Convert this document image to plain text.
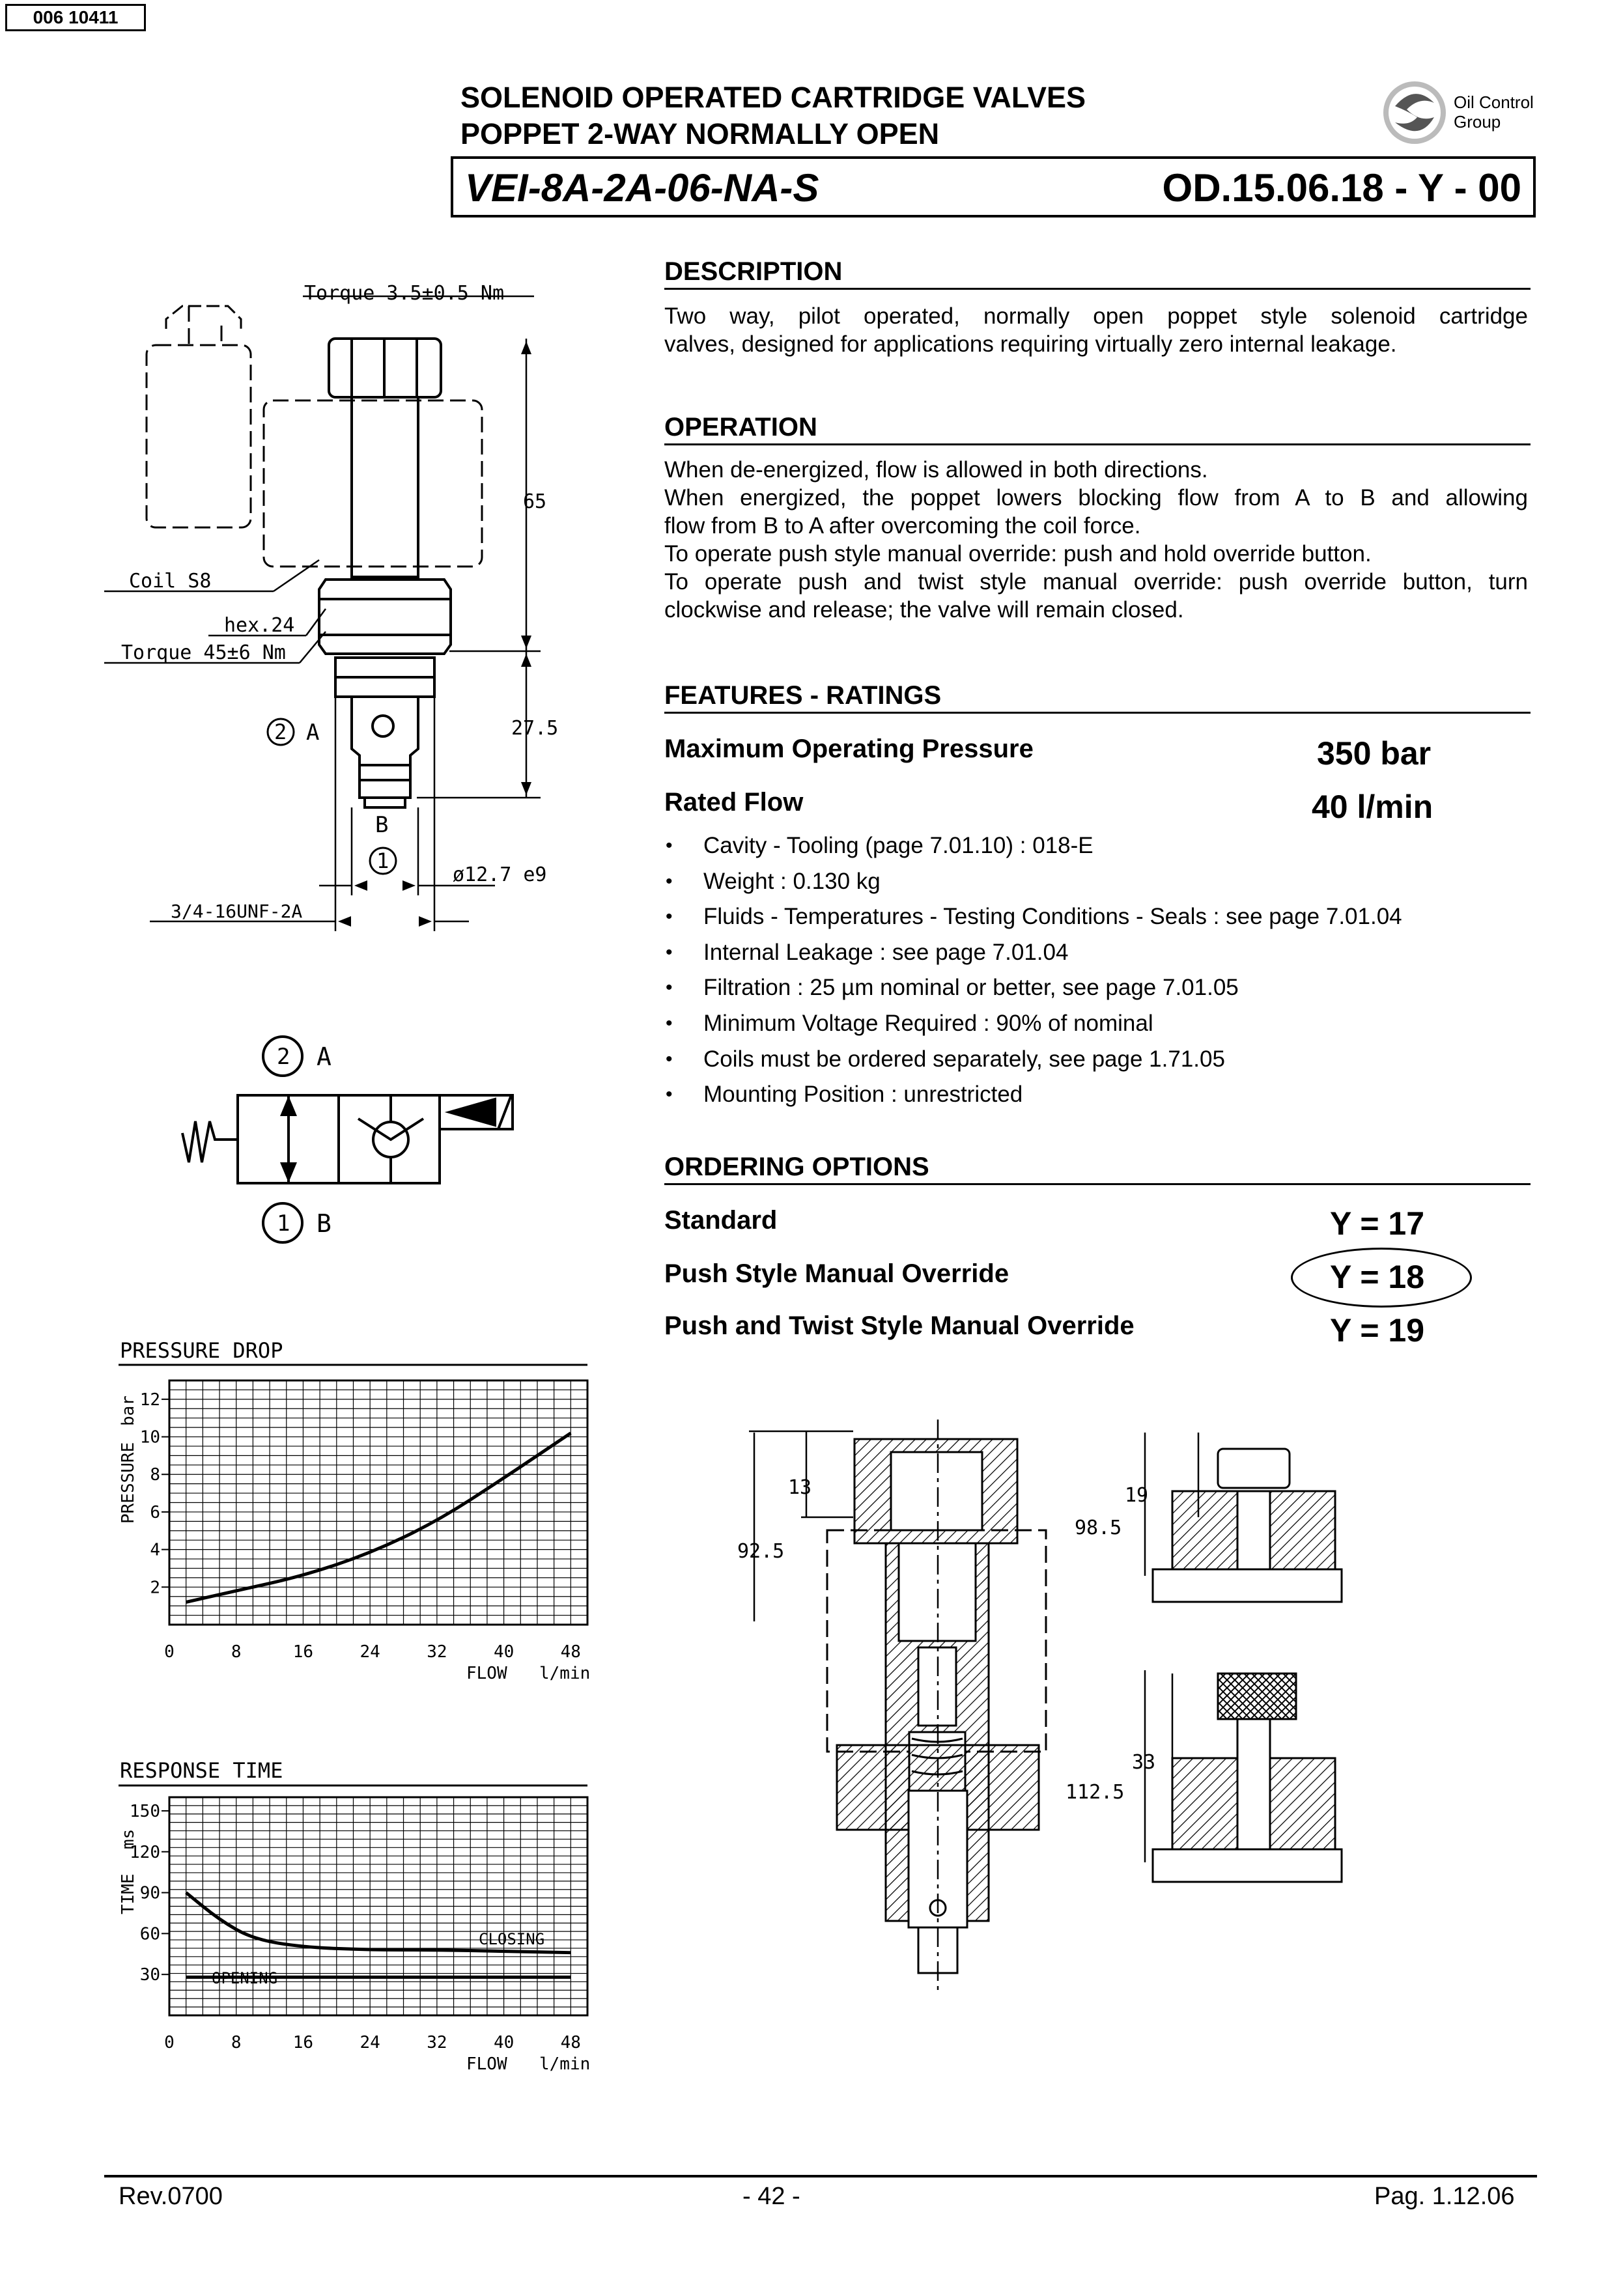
006 10411
SOLENOID OPERATED CARTRIDGE VALVES
POPPET 2-WAY NORMALLY OPEN
Oil Control
Group
VEI-8A-2A-06-NA-S	OD.15.06.18 - Y - 00
DESCRIPTION
Two way, pilot operated, normally open poppet style solenoid cartridge
valves, designed for applications requiring virtually zero internal leakage.
OPERATION
When de-energized, flow is allowed in both directions.
When energized, the poppet lowers blocking flow from A to B and allowing
flow from B to A after overcoming the coil force.
To operate push style manual override: push and hold override button.
To operate push and twist style manual override: push override button, turn
clockwise and release; the valve will remain closed.
FEATURES - RATINGS
Maximum Operating Pressure	350 bar
Rated Flow	40 l/min
• Cavity - Tooling (page 7.01.10) : 018-E
• Weight : 0.130 kg
• Fluids - Temperatures - Testing Conditions - Seals : see page 7.01.04
• Internal Leakage : see page 7.01.04
• Filtration : 25 µm nominal or better, see page 7.01.05
• Minimum Voltage Required : 90% of nominal
• Coils must be ordered separately, see page 1.71.05
• Mounting Position : unrestricted
ORDERING OPTIONS
Standard	Y = 17
Push Style Manual Override	Y = 18
Push and Twist Style Manual Override	Y = 19
Torque 3.5±0.5 Nm
65
Coil S8
hex.24
Torque 45±6 Nm
2 A	27.5
B
1
ø12.7 e9
3/4-16UNF-2A
2 A
1 B
92.5
13
98.5
19
112.5
33
PRESSURE DROP
2
4
6
8
10
12
0	8	16	24	32	40	48
PRESSURE
bar
FLOW l/min
RESPONSE TIME
30
60
90
120
150
0	8	16	24	32	40	48
CLOSING
OPENING
TIME
ms
FLOW l/min
Rev.0700	- 42 -	Pag. 1.12.06
